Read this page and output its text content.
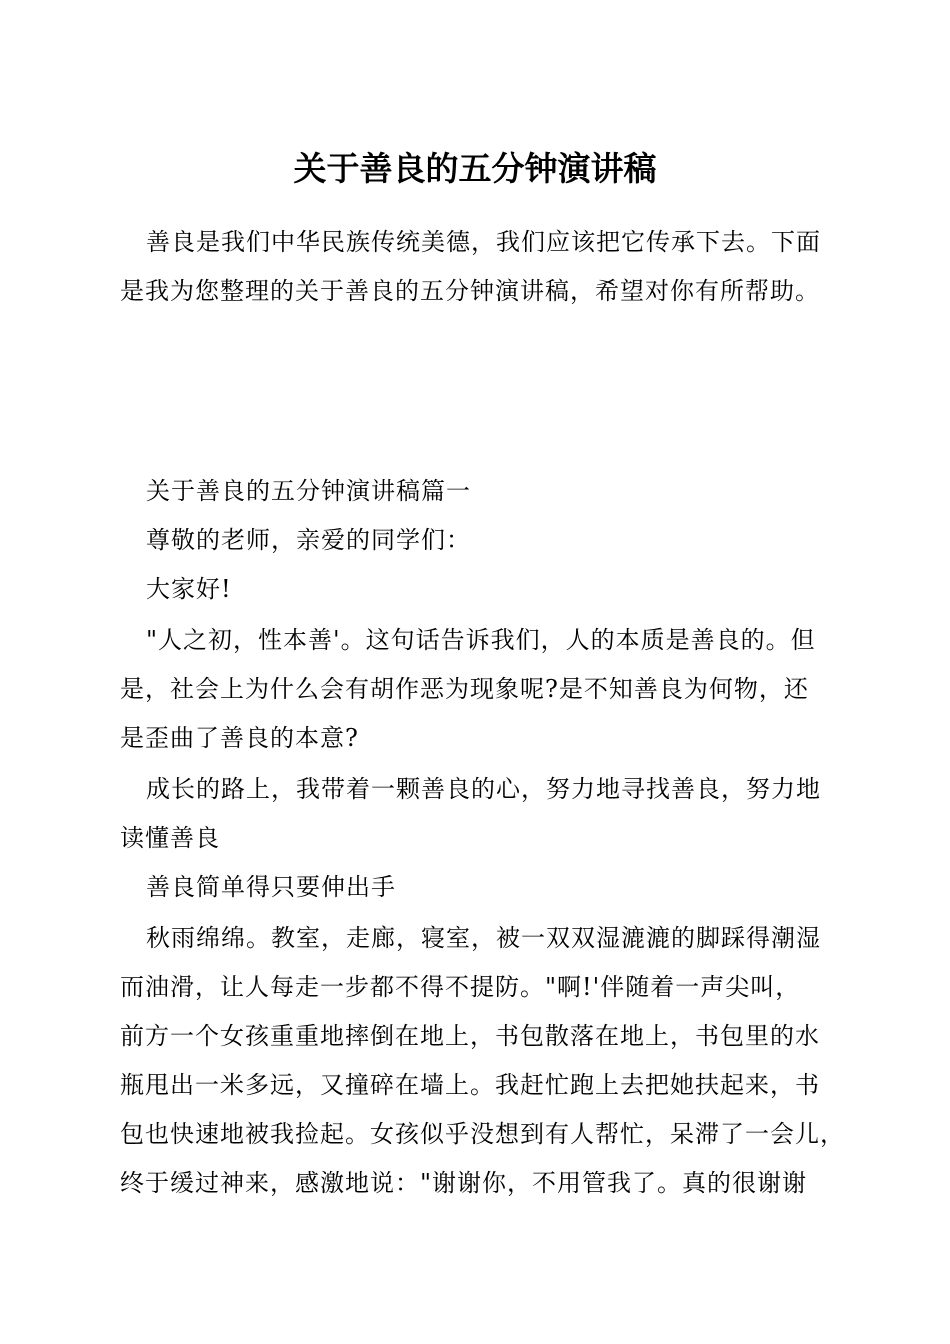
关于善良的五分钟演讲稿
善良是我们中华民族传统美德，我们应该把它传承下去。下面
是我为您整理的关于善良的五分钟演讲稿，希望对你有所帮助。
关于善良的五分钟演讲稿篇一
尊敬的老师，亲爱的同学们：
大家好!
"人之初，性本善'。这句话告诉我们，人的本质是善良的。但
是，社会上为什么会有胡作恶为现象呢?是不知善良为何物，还
是歪曲了善良的本意?
成长的路上，我带着一颗善良的心，努力地寻找善良，努力地
读懂善良
善良简单得只要伸出手
秋雨绵绵。教室，走廊，寝室，被一双双湿漉漉的脚踩得潮湿
而油滑，让人每走一步都不得不提防。"啊!'伴随着一声尖叫，
前方一个女孩重重地摔倒在地上，书包散落在地上，书包里的水
瓶甩出一米多远，又撞碎在墙上。我赶忙跑上去把她扶起来，书
包也快速地被我捡起。女孩似乎没想到有人帮忙，呆滞了一会儿，
终于缓过神来，感激地说："谢谢你，不用管我了。真的很谢谢
